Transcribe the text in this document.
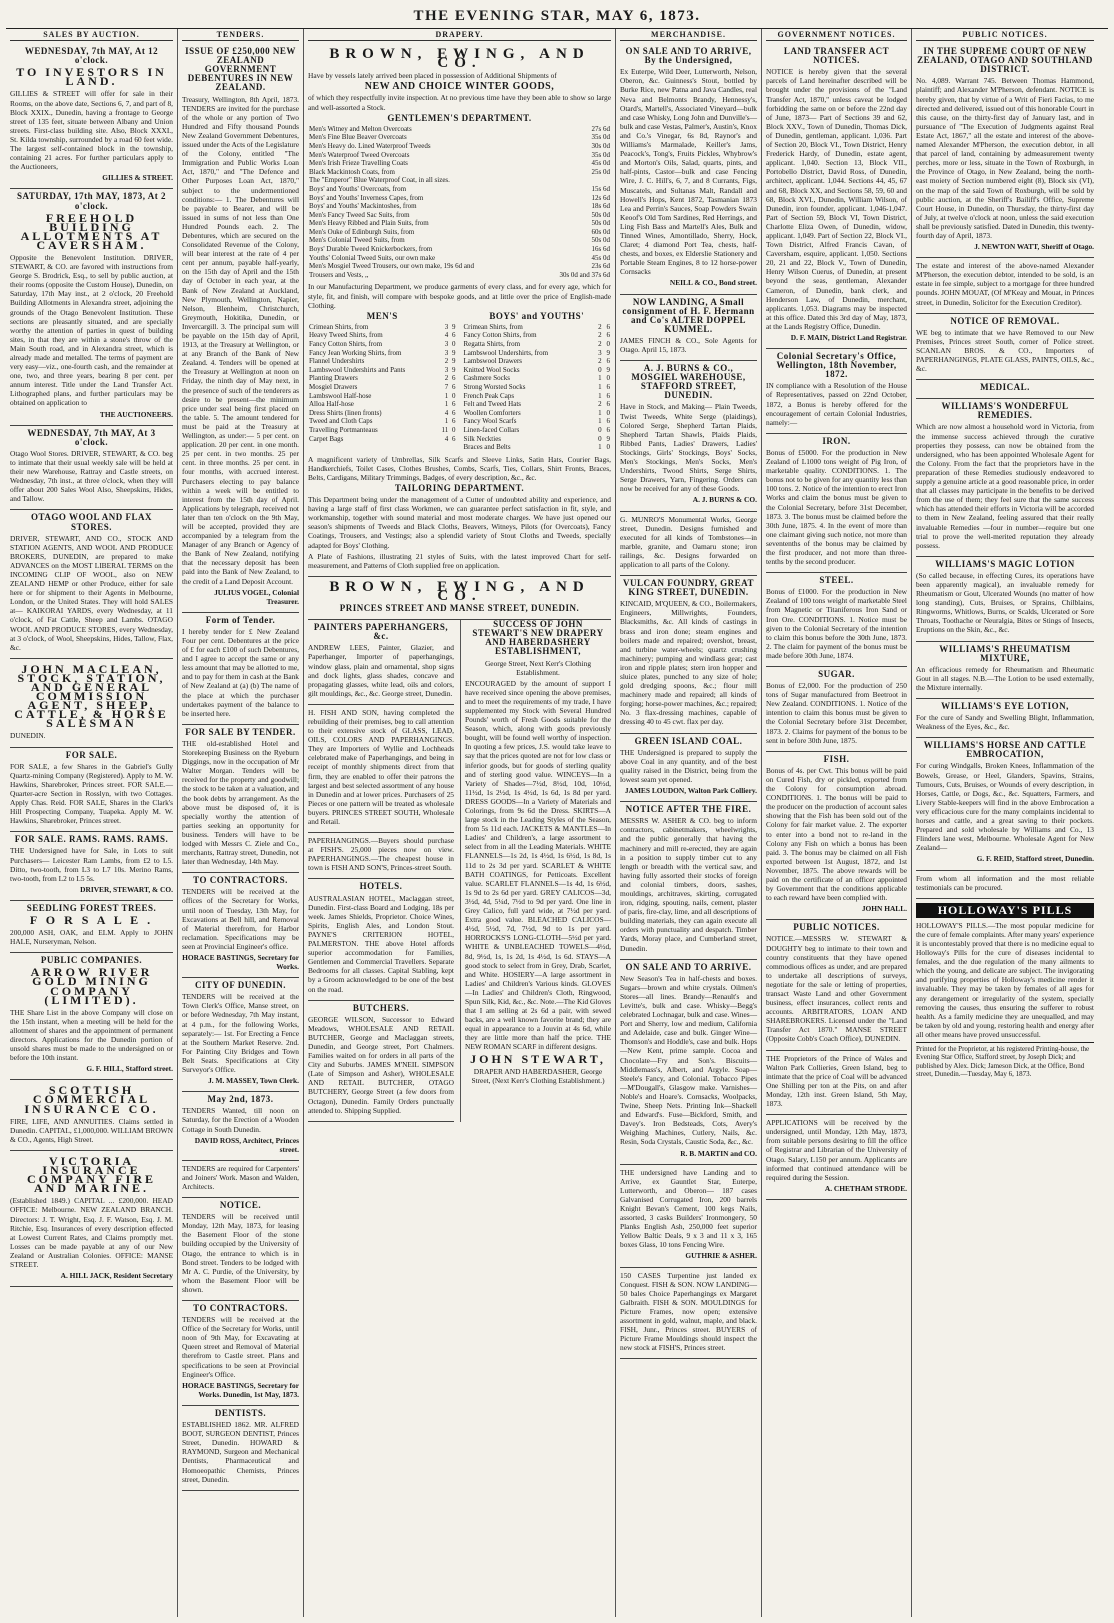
THE EVENING STAR, MAY 6, 1873.
SALES BY AUCTION.
WEDNESDAY, 7th MAY, At 12 o'clock.
TO INVESTORS IN LAND.

GILLIES & STREET will offer for sale in their Rooms, on the above date, Sections 6, 7, and part of 8, Block XXIX., Dunedin, having a frontage to George street of 135 feet, situate between Albany and Union streets. First-class building site. Also, Block XXXI., St. Kilda township, surrounded by a road 60 feet wide. The largest self-contained block in the township, containing 21 acres. For further particulars apply to the Auctioneers,

GILLIES & STREET.

SATURDAY, 17th MAY, 1873, At 2 o'clock.
FREEHOLD BUILDING ALLOTMENTS AT CAVERSHAM.

Opposite the Benevolent Institution. DRIVER, STEWART, & CO. are favored with instructions from George S. Brodrick, Esq., to sell by public auction, at their rooms (opposite the Custom House), Dunedin, on Saturday, 17th May inst., at 2 o'clock, 20 Freehold Building Allotments in Alexandra street, adjoining the grounds of the Otago Benevolent Institution. These sections are pleasantly situated, and are specially worthy the attention of parties in quest of building sites, in that they are within a stone's throw of the Main South road, and in Alexandra street, which is already made and metalled. The terms of payment are very easy—viz., one-fourth cash, and the remainder at one, two, and three years, bearing 8 per cent. per annum interest. Title under the Land Transfer Act. Lithographed plans, and further particulars may be obtained on application to

THE AUCTIONEERS.

WEDNESDAY, 7th MAY, At 3 o'clock.

Otago Wool Stores. DRIVER, STEWART, & CO. beg to intimate that their usual weekly sale will be held at their new Warehouse, Rattray and Castle streets, on Wednesday, 7th inst., at three o'clock, when they will offer about 200 Sales Wool Also, Sheepskins, Hides, and Tallow.

OTAGO WOOL AND FLAX STORES.

DRIVER, STEWART, AND CO., STOCK AND STATION AGENTS, AND WOOL AND PRODUCE BROKERS, DUNEDIN, are prepared to make ADVANCES on the MOST LIBERAL TERMS on the INCOMING CLIP OF WOOL, also on NEW ZEALAND HEMP or other Produce, either for sale here or for shipment to their Agents in Melbourne, London, or the United States. They will hold SALES at— KAIKORAI YARDS, every Wednesday, at 11 o'clock, of Fat Cattle, Sheep and Lambs. OTAGO WOOL AND PRODUCE STORES, every Wednesday, at 3 o'clock, of Wool, Sheepskins, Hides, Tallow, Flax, &c.

JOHN MACLEAN, STOCK, STATION, AND GENERAL COMMISSION AGENT, SHEEP, CATTLE, & HORSE SALESMAN

DUNEDIN.

FOR SALE.

FOR SALE, a few Shares in the Gabriel's Gully Quartz-mining Company (Registered). Apply to M. W. Hawkins, Sharebroker, Princes street. FOR SALE.—Quarter-acre Section in Rosslyn, with two Cottages. Apply Chas. Reid. FOR SALE, Shares in the Clark's Hill Prospecting Company, Tuapeka. Apply M. W. Hawkins, Sharebroker, Princes street.

FOR SALE. RAMS. RAMS. RAMS.

THE Undersigned have for Sale, in Lots to suit Purchasers— Leicester Ram Lambs, from £2 to L5. Ditto, two-tooth, from L3 to L7 10s. Merino Rams, two-tooth, from L2 to L5 5s.

DRIVER, STEWART, & CO.

SEEDLING FOREST TREES.
F O R S A L E .

200,000 ASH, OAK, and ELM. Apply to JOHN HALE, Nurseryman, Nelson.

PUBLIC COMPANIES.
ARROW RIVER GOLD MINING COMPANY (LIMITED).

THE Share List in the above Company will close on the 15th instant, when a meeting will be held for the allotment of shares and the appointment of permanent directors. Applications for the Dunedin portion of unsold shares must be made to the undersigned on or before the 10th instant.

G. F. HILL, Stafford street.

SCOTTISH COMMERCIAL INSURANCE CO.

FIRE, LIFE, AND ANNUITIES. Claims settled in Dunedin. CAPITAL, £1,000,000. WILLIAM BROWN & CO., Agents, High Street.

VICTORIA INSURANCE COMPANY FIRE AND MARINE.

(Established 1849.) CAPITAL ... £200,000. HEAD OFFICE: Melbourne. NEW ZEALAND BRANCH. Directors: J. T. Wright, Esq. J. F. Watson, Esq. J. M. Ritchie, Esq. Insurances of every description effected at Lowest Current Rates, and Claims promptly met. Losses can be made payable at any of our New Zealand or Australian Colonies. OFFICE: MANSE STREET.

A. HILL JACK, Resident Secretary

TENDERS.
ISSUE OF £250,000 NEW ZEALAND GOVERNMENT DEBENTURES IN NEW ZEALAND.

Treasury, Wellington, 8th April, 1873. TENDERS are invited for the purchase of the whole or any portion of Two Hundred and Fifty thousand Pounds New Zealand Government Debentures, issued under the Acts of the Legislature of the Colony, entitled "The Immigration and Public Works Loan Act, 1870," and "The Defence and Other Purposes Loan Act, 1870," subject to the undermentioned conditions:— 1. The Debentures will be payable to Bearer, and will be issued in sums of not less than One Hundred Pounds each. 2. The Debentures, which are secured on the Consolidated Revenue of the Colony, will bear interest at the rate of 4 per cent per annum, payable half-yearly, on the 15th day of April and the 15th day of October in each year, at the Bank of New Zealand at Auckland, New Plymouth, Wellington, Napier, Nelson, Blenheim, Christchurch, Greymouth, Hokitika, Dunedin, or Invercargill. 3. The principal sum will be payable on the 15th day of April, 1913, at the Treasury at Wellington, or at any Branch of the Bank of New Zealand. 4. Tenders will be opened at the Treasury at Wellington at noon on Friday, the ninth day of May next, in the presence of such of the tenderers as desire to be present—the minimum price under seal being first placed on the table. 5. The amount tendered for must be paid at the Treasury at Wellington, as under:— 5 per cent. on application. 20 per cent. in one month. 25 per cent. in two months. 25 per cent. in three months. 25 per cent. in four months, with accrued interest. Purchasers electing to pay balance within a week will be entitled to interest from the 15th day of April. Applications by telegraph, received not later than ten o'clock on the 9th May, will be accepted, provided they are accompanied by a telegram from the Manager of any Branch or Agency of the Bank of New Zealand, notifying that the necessary deposit has been paid into the Bank of New Zealand, to the credit of a Land Deposit Account.

JULIUS VOGEL, Colonial Treasurer.

Form of Tender.

I hereby tender for £ New Zealand Four per cent. Debentures at the price of £ for each £100 of such Debentures, and I agree to accept the same or any less amount that may be allotted to me, and to pay for them in cash at the Bank of New Zealand at (a) (b) The name of the place at which the purchaser undertakes payment of the balance to be inserted here.

FOR SALE BY TENDER.

THE old-established Hotel and Storekeeping Business on the Ryeburn Diggings, now in the occupation of Mr Walter Morgan. Tenders will be received for the property and goodwill; the stock to be taken at a valuation, and the book debts by arrangement. As the above must be disposed of, it is specially worthy the attention of parties seeking an opportunity for business. Tenders will have to be lodged with Messrs C. Ziele and Co., merchants, Rattray street, Dunedin, not later than Wednesday, 14th May.

TO CONTRACTORS.

TENDERS will be received at the offices of the Secretary for Works, until noon of Tuesday, 13th May, for Excavations at Bell hill, and Removal of Material therefrom, for Harbor reclamation. Specifications may be seen at Provincial Engineer's office.

HORACE BASTINGS, Secretary for Works.

CITY OF DUNEDIN.

TENDERS will be received at the Town Clerk's Office, Manse street, on or before Wednesday, 7th May instant, at 4 p.m., for the following Works, separately:— 1st. For Erecting a Fence at the Southern Market Reserve. 2nd. For Painting City Bridges and Town Belt Seats. Specifications at City Surveyor's Office.

J. M. MASSEY, Town Clerk.

May 2nd, 1873.

TENDERS Wanted, till noon on Saturday, for the Erection of a Wooden Cottage in South Dunedin.

DAVID ROSS, Architect, Princes street.

TENDERS are required for Carpenters' and Joiners' Work. Mason and Walden, Architects.

NOTICE.

TENDERS will be received until Monday, 12th May, 1873, for leasing the Basement Floor of the stone building occupied by the University of Otago, the entrance to which is in Bond street. Tenders to be lodged with Mr A. C. Purdie, of the University, by whom the Basement Floor will be shown.

TO CONTRACTORS.

TENDERS will be received at the Office of the Secretary for Works, until noon of 9th May, for Excavating at Queen street and Removal of Material therefrom to Castle street. Plans and specifications to be seen at Provincial Engineer's Office.

HORACE BASTINGS, Secretary for Works. Dunedin, 1st May, 1873.

DENTISTS.

ESTABLISHED 1862. MR. ALFRED BOOT, SURGEON DENTIST, Princes Street, Dunedin. HOWARD & RAYMOND, Surgeon and Mechanical Dentists, Pharmaceutical and Homoeopathic Chemists, Princes street, Dunedin.

DRAPERY.
BROWN, EWING, AND CO.

Have by vessels lately arrived been placed in possession of Additional Shipments of

NEW AND CHOICE WINTER GOODS,

of which they respectfully invite inspection. At no previous time have they been able to show so large and well-assorted a Stock.

GENTLEMEN'S DEPARTMENT.
Men's Witney and Melton Overcoats	27s 6d
Men's Fine Blue Beaver Overcoats	35s 0d
Men's Heavy do. Lined Waterproof Tweeds	30s 0d
Men's Waterproof Tweed Overcoats	35s 0d
Men's Irish Frieze Travelling Coats	45s 0d
Black Mackintosh Coats, from	25s 0d
The "Emperor" Blue Waterproof Coat, in all sizes.	
Boys' and Youths' Overcoats, from	15s 6d
Boys' and Youths' Inverness Capes, from	12s 6d
Boys' and Youths' Mackintoshes, from	18s 6d
Men's Fancy Tweed Sac Suits, from	50s 0d
Men's Heavy Ribbed and Plain Suits, from	50s 0d
Men's Ouke of Edinburgh Suits, from	60s 0d
Men's Colonial Tweed Suits, from	50s 0d
Boys' Durable Tweed Knickerbockers, from	16s 6d
Youths' Colonial Tweed Suits, our own make	45s 0d
Men's Mosgiel Tweed Trousers, our own make, 19s 6d and	23s 6d
Trousers and Vests, ,,	30s 0d and 37s 6d

In our Manufacturing Department, we produce garments of every class, and for every age, which for style, fit, and finish, will compare with bespoke goods, and at little over the price of English-made Clothing.

MEN'S
Crimean Shirts, from	3	9
Heavy Tweed Shirts, from	4	6
Fancy Cotton Shirts, from	3	0
Fancy Jean Working Shirts, from	3	9
Flannel Undershirts	2	9
Lambswool Undershirts and Pants	3	9
Planting Drawers	2	6
Mosgiel Drawers	7	6
Lambswool Half-hose	1	0
Alloa Half-hose	1	6
Dress Shirts (linen fronts)	4	6
Tweed and Cloth Caps	1	6
Travelling Portmanteaus	11	0
Carpet Bags	4	6
BOYS' and YOUTHS'
Crimean Shirts, from	2	6
Fancy Cotton Shirts, from	2	6
Regatta Shirts, from	2	0
Lambswool Undershirts, from	3	9
Lambswool Drawers	2	6
Knitted Wool Socks	0	9
Cashmere Socks	1	0
Strong Worsted Socks	1	6
French Peak Caps	1	6
Felt and Tweed Hats	2	6
Woollen Comforters	1	0
Fancy Wool Scarfs	1	6
Linen-faced Collars	0	6
Silk Neckties	0	9
Braces and Belts	1	0

A magnificent variety of Umbrellas, Silk Scarfs and Sleeve Links, Satin Hats, Courier Bags, Handkerchiefs, Toilet Cases, Clothes Brushes, Combs, Scarfs, Ties, Collars, Shirt Fronts, Braces, Belts, Cardigans, Military Trimmings, Badges, of every description, &c., &c.

TAILORING DEPARTMENT.

This Department being under the management of a Cutter of undoubted ability and experience, and having a large staff of first class Workmen, we can guarantee perfect satisfaction in fit, style, and workmanship, together with sound material and most moderate charges. We have just opened our season's shipments of Tweeds and Black Cloths, Beavers, Witneys, Pilots (for Overcoats), Fancy Coatings, Trousers, and Vestings; also a splendid variety of Stout Cloths and Tweeds, specially adapted for Boys' Clothing.

A Plate of Fashions, illustrating 21 styles of Suits, with the latest improved Chart for self-measurement, and Patterns of Cloth supplied free on application.

BROWN, EWING, AND CO.
PRINCES STREET AND MANSE STREET, DUNEDIN.
PAINTERS PAPERHANGERS, &c.

ANDREW LEES, Painter, Glazier, and Paperhanger, Importer of paperhangings, window glass, plain and ornamental, shop signs and dock lights, glass shades, concave and propagating glasses, white lead, oils and colors, gilt mouldings, &c., &c. George street, Dunedin.

H. FISH AND SON, having completed the rebuilding of their premises, beg to call attention to their extensive stock of GLASS, LEAD, OILS, COLORS AND PAPERHANGINGS. They are Importers of Wyllie and Lochheads celebrated make of Paperhangings, and being in receipt of monthly shipments direct from that firm, they are enabled to offer their patrons the largest and best selected assortment of any house in Dunedin and at lower prices. Purchasers of 25 Pieces or one pattern will be treated as wholesale buyers. PRINCES STREET SOUTH, Wholesale and Retail.

PAPERHANGINGS.—Buyers should purchase at FISH'S. 25,000 pieces now on view. PAPERHANGINGS.—The cheapest house in town is FISH AND SON'S, Princes-street South.

HOTELS.

AUSTRALASIAN HOTEL, Maclaggan street, Dunedin. First-class Board and Lodging, 18s per week. James Shields, Proprietor. Choice Wines, Spirits, English Ales, and London Stout. PAYNE'S CRITERION HOTEL, PALMERSTON. THE above Hotel affords superior accommodation for Families, Gentlemen and Commercial Travellers. Separate Bedrooms for all classes. Capital Stabling, kept by a Groom acknowledged to be one of the best on the road.

BUTCHERS.

GEORGE WILSON, Successor to Edward Meadows, WHOLESALE AND RETAIL BUTCHER, George and Maclaggan streets, Dunedin, and George street, Port Chalmers. Families waited on for orders in all parts of the City and Suburbs. JAMES M'NEIL SIMPSON (Late of Simpson and Asher), WHOLESALE AND RETAIL BUTCHER, OTAGO BUTCHERY, George Street (a few doors from Octagon), Dunedin. Family Orders punctually attended to. Shipping Supplied.

SUCCESS OF JOHN STEWART'S NEW DRAPERY AND HABERDASHERY ESTABLISHMENT,
George Street, Next Kerr's Clothing Establishment.

ENCOURAGED by the amount of support I have received since opening the above premises, and to meet the requirements of my trade, I have supplemented my Stock with Several Hundred Pounds' worth of Fresh Goods suitable for the Season, which, along with goods previously bought, will be found well worthy of inspection. In quoting a few prices, J.S. would take leave to say that the prices quoted are not for low class or inferior goods, but for goods of sterling quality and of sterling good value. WINCEYS—In a Variety of Shades—7½d, 8½d, 10d, 10½d, 11½d, 1s 2½d, 1s 4½d, 1s 6d, 1s 8d per yard. DRESS GOODS—In a Variety of Materials and Colorings, from 9s 6d the Dress. SKIRTS—A large stock in the Leading Styles of the Season, from 5s 11d each. JACKETS & MANTLES—In Ladies' and Children's, a large assortment to select from in all the Leading Materials. WHITE FLANNELS—1s 2d, 1s 4½d, 1s 6½d, 1s 8d, 1s 11d to 2s 3d per yard. SCARLET & WHITE BATH COATINGS, for Petticoats. Excellent value. SCARLET FLANNELS—1s 4d, 1s 6½d, 1s 9d to 2s 6d per yard. GREY CALICOS—3d, 3½d, 4d, 5¼d, 7½d to 9d per yard. One line in Grey Calico, full yard wide, at 7½d per yard. Extra good value. BLEACHED CALICOS—4½d, 5½d, 7d, 7½d, 9d to 1s per yard. HORROCKS'S LONG-CLOTH—5½d per yard. WHITE & UNBLEACHED TOWELS—4½d, 8d, 9½d, 1s, 1s 2d, 1s 4½d, 1s 6d. STAYS—A good stock to select from in Grey, Drab, Scarlet, and White. HOSIERY—A large assortment in Ladies' and Children's Various kinds. GLOVES—In Ladies' and Children's Cloth, Ringwood, Spun Silk, Kid, &c., &c. Note.—The Kid Gloves that I am selling at 2s 6d a pair, with sewed backs, are a well known favorite brand; they are equal in appearance to a Jouvin at 4s 6d, while they are little more than half the price. THE NEW ROMAN SCARF in different designs.

JOHN STEWART,
DRAPER AND HABERDASHER, George Street, (Next Kerr's Clothing Establishment.)
MERCHANDISE.
ON SALE AND TO ARRIVE, By the Undersigned,

Ex Euterpe, Wild Deer, Lutterworth, Nelson, Oberon, &c. Guinness's Stout, bottled by Burke Rice, new Patna and Java Candles, real Neva and Belmonts Brandy, Hennessy's, Otard's, Martell's, Associated Vineyard—bulk and case Whisky, Long John and Dunville's—bulk and case Vestas, Palmer's, Austin's, Knox and Co.'s Vinegar, 6s 8d, Raynor's and Williams's Marmalade, Keiller's Jams, Peacock's, Tong's, Fruits Pickles, Whybrow's and Morton's Oils, Salad, quarts, pints, and half-pints, Castor—bulk and case Fencing Wire, J. C. Hill's, 6, 7, and 8 Currants, Figs, Muscatels, and Sultanas Malt, Randall and Howell's Hops, Kent 1872, Tasmanian 1873 Lea and Perrin's Sauces, Soap Powders Swain Keoof's Old Tom Sardines, Red Herrings, and Ling Fish Bass and Martell's Ales, Bulk and Tinned Wines, Amontillado, Sherry, Hock, Claret; 4 diamond Port Tea, chests, half-chests, and boxes, ex Elderslie Stationery and Portable Steam Engines, 8 to 12 horse-power Cornsacks

NEILL & CO., Bond street.

NOW LANDING, A Small consignment of H. F. Hermann and Co's ALTER DOPPEL KUMMEL.

JAMES FINCH & CO., Sole Agents for Otago. April 15, 1873.

A. J. BURNS & CO., MOSGIEL WAREHOUSE, STAFFORD STREET, DUNEDIN.

Have in Stock, and Making— Plain Tweeds, Twist Tweeds, White Serge (plaidings), Colored Serge, Shepherd Tartan Plaids, Shepherd Tartan Shawls, Plaids Plaids, Ribbed Pants, Ladies' Drawers, Ladies' Stockings, Girls' Stockings, Boys' Socks, Men's Stockings, Men's Socks, Men's Undershirts, Twood Shirts, Serge Shirts, Serge Drawers, Yarn, Fingering. Orders can now be received for any of these Goods.

A. J. BURNS & CO.

G. MUNRO'S Monumental Works, George street, Dunedin. Designs furnished and executed for all kinds of Tombstones—in marble, granite, and Oamaru stone; iron railings, &c. Designs forwarded on application to all parts of the Colony.

VULCAN FOUNDRY, GREAT KING STREET, DUNEDIN.

KINCAID, M'QUEEN, & CO., Boilermakers, Engineers, Millwrights, Founders, Blacksmiths, &c. All kinds of castings in brass and iron done; steam engines and boilers made and repaired; overshot, breast, and turbine water-wheels; quartz crushing machinery; pumping and windlass gear; cast iron and ripple plates; stern iron hopper and sluice plates, punched to any size of hole; gold dredging spoons, &c.; flour mill machinery made and repaired; all kinds of forging; horse-power machines, &c.; repaired; No. 3 flax-dressing machines, capable of dressing 40 to 45 cwt. flax per day.

GREEN ISLAND COAL.

THE Undersigned is prepared to supply the above Coal in any quantity, and of the best quality raised in the District, being from the lowest seam yet opened.

JAMES LOUDON, Walton Park Colliery.

NOTICE AFTER THE FIRE.

MESSRS W. ASHER & CO. beg to inform contractors, cabinetmakers, wheelwrights, and the public generally that having the machinery and mill re-erected, they are again in a position to supply timber cut to any length or breadth with the vertical saw, and having fully assorted their stocks of foreign and colonial timbers, doors, sashes, mouldings, architraves, skirting, corrugated iron, ridging, spouting, nails, cement, plaster of paris, fire-clay, lime, and all descriptions of building materials, they can again execute all orders with punctuality and despatch. Timber Yards, Moray place, and Cumberland street, Dunedin.

ON SALE AND TO ARRIVE.

New Season's Tea in half-chests and boxes. Sugars—brown and white crystals. Oilmen's Stores—all lines. Brandy—Renault's and Levitte's, bulk and case. Whisky—Begg's celebrated Lochnagar, bulk and case. Wines—Port and Sherry, low and medium, California and Adelaide, case and bulk. Ginger Wine—Thomson's and Hoddle's, case and bulk. Hops—New Kent, prime sample. Cocoa and Chocolate—Fry and Son's. Biscuits—Middlemass's, Albert, and Argyle. Soap—Steele's Fancy, and Colonial. Tobacco Pipes—M'Dougall's, Glasgow make. Varnishes—Noble's and Hoare's. Cornsacks, Woolpacks, Twine, Sheep Nets. Printing Ink—Shackell and Edward's. Fuse—Bickford, Smith, and Davey's. Iron Bedsteads, Cots, Avery's Weighing Machines, Cutlery, Nails, &c. Resin, Soda Crystals, Caustic Soda, &c., &c.

R. B. MARTIN and CO.

THE undersigned have Landing and to Arrive, ex Gauntlet Star, Euterpe, Lutterworth, and Oberon— 187 cases Galvanised Corrugated Iron, 200 barrels Knight Bevan's Cement, 100 kegs Nails, assorted, 3 casks Builders' Ironmongery, 50 Planks English Ash, 250,000 feet superior Yellow Baltic Deals, 9 x 3 and 11 x 3, 165 boxes Glass, 10 tons Fencing Wire.

GUTHRIE & ASHER.

150 CASES Turpentine just landed ex Conquest. FISH & SON. NOW LANDING—50 bales Choice Paperhangings ex Margaret Galbraith. FISH & SON. MOULDINGS for Picture Frames, now open; extensive assortment in gold, walnut, maple, and black. FISH, Junr., Princes street. BUYERS of Picture Frame Mouldings should inspect the new stock at FISH'S, Princes street.

GOVERNMENT NOTICES.
LAND TRANSFER ACT NOTICES.

NOTICE is hereby given that the several parcels of Land hereinafter described will be brought under the provisions of the "Land Transfer Act, 1870," unless caveat be lodged forbidding the same on or before the 22nd day of June, 1873— Part of Sections 39 and 62, Block XXV., Town of Dunedin, Thomas Dick, of Dunedin, gentleman, applicant. 1,036. Part of Section 20, Block VI., Town District, Henry Frederick Hardy, of Dunedin, estate agent, applicant. 1,040. Section 13, Block VII., Portobello District, David Ross, of Dunedin, architect, applicant. 1,044. Sections 44, 45, 67 and 68, Block XX, and Sections 58, 59, 60 and 68, Block XVI., Dunedin, William Wilson, of Dunedin, iron founder, applicant. 1,046-1,047. Part of Section 59, Block VI, Town District, Charlotte Eliza Owen, of Dunedin, widow, applicant. 1,049. Part of Section 22, Block VI., Town District, Alfred Francis Cavan, of Caversham, esquire, applicant. 1,050. Sections 20, 21 and 22, Block V., Town of Dunedin, Henry Wilson Cuerus, of Dunedin, at present beyond the seas, gentleman, Alexander Cameron, of Dunedin, bank clerk, and Henderson Law, of Dunedin, merchant, applicants. 1,053. Diagrams may be inspected at this office. Dated this 3rd day of May, 1873, at the Lands Registry Office, Dunedin.

D. F. MAIN, District Land Registrar.

Colonial Secretary's Office, Wellington, 18th November, 1872.

IN compliance with a Resolution of the House of Representatives, passed on 22nd October, 1872, a Bonus is hereby offered for the encouragement of certain Colonial Industries, namely:—

IRON.

Bonus of £5000. For the production in New Zealand of L1000 tons weight of Pig Iron, of marketable quality. CONDITIONS. 1. The bonus not to be given for any quantity less than 100 tons. 2. Notice of the intention to erect Iron Works and claim the bonus must be given to the Colonial Secretary, before 31st December, 1873. 3. The bonus must be claimed before the 30th June, 1875. 4. In the event of more than one claimant giving such notice, not more than seventenths of the bonus may be claimed by the first producer, and not more than three-tenths by the second producer.

STEEL.

Bonus of £1000. For the production in New Zealand of 100 tons weight of marketable Steel from Magnetic or Titaniferous Iron Sand or Iron Ore. CONDITIONS. 1. Notice must be given to the Colonial Secretary of the intention to claim this bonus before the 30th June, 1873. 2. The claim for payment of the bonus must be made before 30th June, 1874.

SUGAR.

Bonus of £2,000. For the production of 250 tons of Sugar manufactured from Beetroot in New Zealand. CONDITIONS. 1. Notice of the intention to claim this bonus must be given to the Colonial Secretary before 31st December, 1873. 2. Claims for payment of the bonus to be sent in before 30th June, 1875.

FISH.

Bonus of 4s. per Cwt. This bonus will be paid on Cured Fish, dry or pickled, exported from the Colony for consumption abroad. CONDITIONS. 1. The bonus will be paid to the producer on the production of account sales showing that the Fish has been sold out of the Colony for fair market value. 2. The exporter to enter into a bond not to re-land in the Colony any Fish on which a bonus has been paid. 3. The bonus may be claimed on all Fish exported between 1st August, 1872, and 1st November, 1875. The above rewards will be paid on the certificate of an officer appointed by Government that the conditions applicable to each reward have been complied with.

JOHN HALL.

PUBLIC NOTICES.

NOTICE.—MESSRS W. STEWART & DOUGHTY beg to intimate to their town and country constituents that they have opened commodious offices as under, and are prepared to undertake all descriptions of surveys, negotiate for the sale or letting of properties, transact Waste Land and other Government business, effect insurances, collect rents and accounts. ARBITRATORS, LOAN AND SHAREBROKERS. Licensed under the "Land Transfer Act 1870." MANSE STREET (Opposite Cobb's Coach Office), DUNEDIN.

THE Proprietors of the Prince of Wales and Walton Park Collieries, Green Island, beg to intimate that the price of Coal will be advanced One Shilling per ton at the Pits, on and after Monday, 12th inst. Green Island, 5th May, 1873.

APPLICATIONS will be received by the undersigned, until Monday, 12th May, 1873, from suitable persons desiring to fill the office of Registrar and Librarian of the University of Otago. Salary, L150 per annum. Applicants are informed that continued attendance will be required during the Session.

A. CHETHAM STRODE.

PUBLIC NOTICES.
IN THE SUPREME COURT OF NEW ZEALAND, OTAGO AND SOUTHLAND DISTRICT.

No. 4,089. Warrant 745. Between Thomas Hammond, plaintiff; and Alexander M'Pherson, defendant. NOTICE is hereby given, that by virtue of a Writ of Fieri Facias, to me directed and delivered, issued out of this honorable Court in this cause, on the thirty-first day of January last, and in pursuance of "The Execution of Judgments against Real Estate Act, 1867," all the estate and interest of the above-named Alexander M'Pherson, the execution debtor, in all that parcel of land, containing by admeasurement twenty perches, more or less, situate in the Town of Roxburgh, in the Province of Otago, in New Zealand, being the north-east moiety of Section numbered eight (8), Block six (VI), on the map of the said Town of Roxburgh, will be sold by public auction, at the Sheriff's Bailiff's Office, Supreme Court House, in Dunedin, on Thursday, the thirty-first day of July, at twelve o'clock at noon, unless the said execution shall be previously satisfied. Dated in Dunedin, this twenty-fourth day of April, 1873.

J. NEWTON WATT, Sheriff of Otago.

The estate and interest of the above-named Alexander M'Pherson, the execution debtor, intended to be sold, is an estate in fee simple, subject to a mortgage for three hundred pounds. JOHN MOUAT, (Of M'Keay and Mouat, in Princes street, in Dunedin, Solicitor for the Execution Creditor).

NOTICE OF REMOVAL.

WE beg to intimate that we have Removed to our New Premises, Princes street South, corner of Police street. SCANLAN BROS. & CO., Importers of PAPERHANGINGS, PLATE GLASS, PAINTS, OILS, &c., &c.

MEDICAL.
WILLIAMS'S WONDERFUL REMEDIES.

Which are now almost a household word in Victoria, from the immense success achieved through the curative properties they possess, can now be obtained from the undersigned, who has been appointed Wholesale Agent for the Colony. From the fact that the proprietors have in the preparation of these Remedies studiously endeavored to supply a genuine article at a good reasonable price, in order that all classes may participate in the benefits to be derived from the use of them; they feel sure that the same success which has attended their efforts in Victoria will be accorded to them in New Zealand, feeling assured that their really invaluable Remedies —four in number—require but one trial to prove the well-merited reputation they already possess.

WILLIAMS'S MAGIC LOTION

(So called because, in effecting Cures, its operations have been apparently magical), an invaluable remedy for Rheumatism or Gout, Ulcerated Wounds (no matter of how long standing), Cuts, Bruises, or Sprains, Chilblains, Ringworms, Whitlows, Burns, or Scalds, Ulcerated or Sore Throats, Toothache or Neuralgia, Bites or Stings of Insects, Eruptions on the Skin, &c., &c.

WILLIAMS'S RHEUMATISM MIXTURE,

An efficacious remedy for Rheumatism and Rheumatic Gout in all stages. N.B.—The Lotion to be used externally, the Mixture internally.

WILLIAMS'S EYE LOTION,

For the cure of Sandy and Swelling Blight, Inflammation, Weakness of the Eyes, &c., &c.

WILLIAMS'S HORSE AND CATTLE EMBROCATION,

For curing Windgalls, Broken Knees, Inflammation of the Bowels, Grease, or Heel, Glanders, Spavins, Strains, Tumours, Cuts, Bruises, or Wounds of every description, in Horses, Cattle, or Dogs, &c., &c. Squatters, Farmers, and Livery Stable-keepers will find in the above Embrocation a very efficacious cure for the many complaints incidental to horses and cattle, and a great saving to their pockets. Prepared and sold wholesale by Williams and Co., 13 Flinders lane west, Melbourne. Wholesale Agent for New Zealand—

G. F. REID, Stafford street, Dunedin.

From whom all information and the most reliable testimonials can be procured.

HOLLOWAY'S PILLS

HOLLOWAY'S PILLS.—The most popular medicine for the cure of female complaints. After many years' experience it is uncontestably proved that there is no medicine equal to Holloway's Pills for the cure of diseases incidental to females, and the due regulation of the many ailments to which the young, and delicate are subject. The invigorating and purifying properties of Holloway's medicine render it invaluable. They may be taken by females of all ages for any derangement or irregularity of the system, specially removing the causes, thus ensuring the sufferer to robust health. As a family medicine they are unequalled, and may be taken by old and young, restoring health and energy after all other means have proved unsuccessful.

Printed for the Proprietor, at his registered Printing-house, the Evening Star Office, Stafford street, by Joseph Dick; and published by Alex. Dick; Jameson Dick, at the Office, Bond street, Dunedin.—Tuesday, May 6, 1873.
